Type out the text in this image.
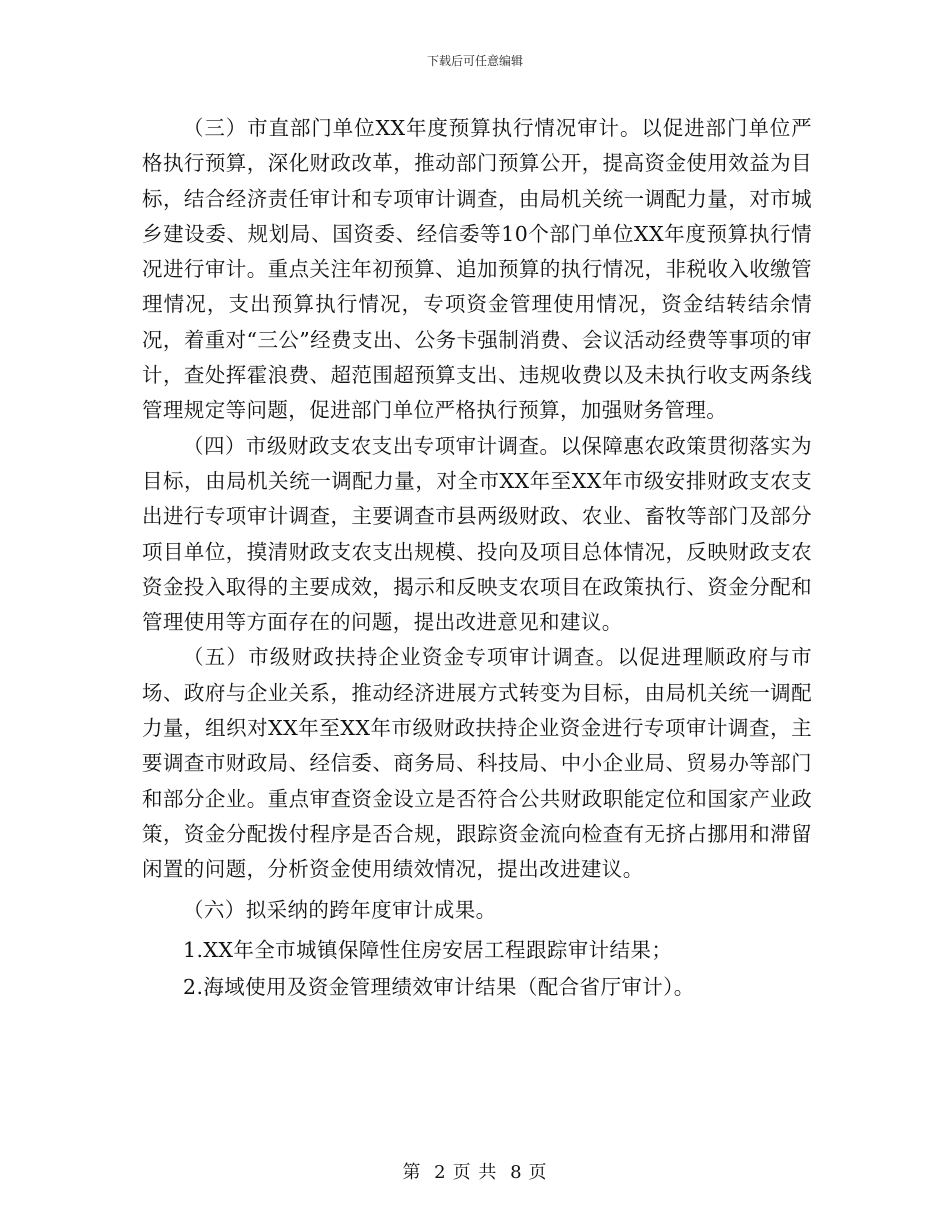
下载后可任意编辑

（三）市直部门单位XX年度预算执行情况审计。以促进部门单位严格执行预算，深化财政改革，推动部门预算公开，提高资金使用效益为目标，结合经济责任审计和专项审计调查，由局机关统一调配力量，对市城乡建设委、规划局、国资委、经信委等10个部门单位XX年度预算执行情况进行审计。重点关注年初预算、追加预算的执行情况，非税收入收缴管理情况，支出预算执行情况，专项资金管理使用情况，资金结转结余情况，着重对“三公”经费支出、公务卡强制消费、会议活动经费等事项的审计，查处挥霍浪费、超范围超预算支出、违规收费以及未执行收支两条线管理规定等问题，促进部门单位严格执行预算，加强财务管理。

（四）市级财政支农支出专项审计调查。以保障惠农政策贯彻落实为目标，由局机关统一调配力量，对全市XX年至XX年市级安排财政支农支出进行专项审计调查，主要调查市县两级财政、农业、畜牧等部门及部分项目单位，摸清财政支农支出规模、投向及项目总体情况，反映财政支农资金投入取得的主要成效，揭示和反映支农项目在政策执行、资金分配和管理使用等方面存在的问题，提出改进意见和建议。

（五）市级财政扶持企业资金专项审计调查。以促进理顺政府与市场、政府与企业关系，推动经济进展方式转变为目标，由局机关统一调配力量，组织对XX年至XX年市级财政扶持企业资金进行专项审计调查，主要调查市财政局、经信委、商务局、科技局、中小企业局、贸易办等部门和部分企业。重点审查资金设立是否符合公共财政职能定位和国家产业政策，资金分配拨付程序是否合规，跟踪资金流向检查有无挤占挪用和滞留闲置的问题，分析资金使用绩效情况，提出改进建议。

（六）拟采纳的跨年度审计成果。

1.XX年全市城镇保障性住房安居工程跟踪审计结果；

2.海域使用及资金管理绩效审计结果（配合省厅审计）。

第 2 页 共 8 页
